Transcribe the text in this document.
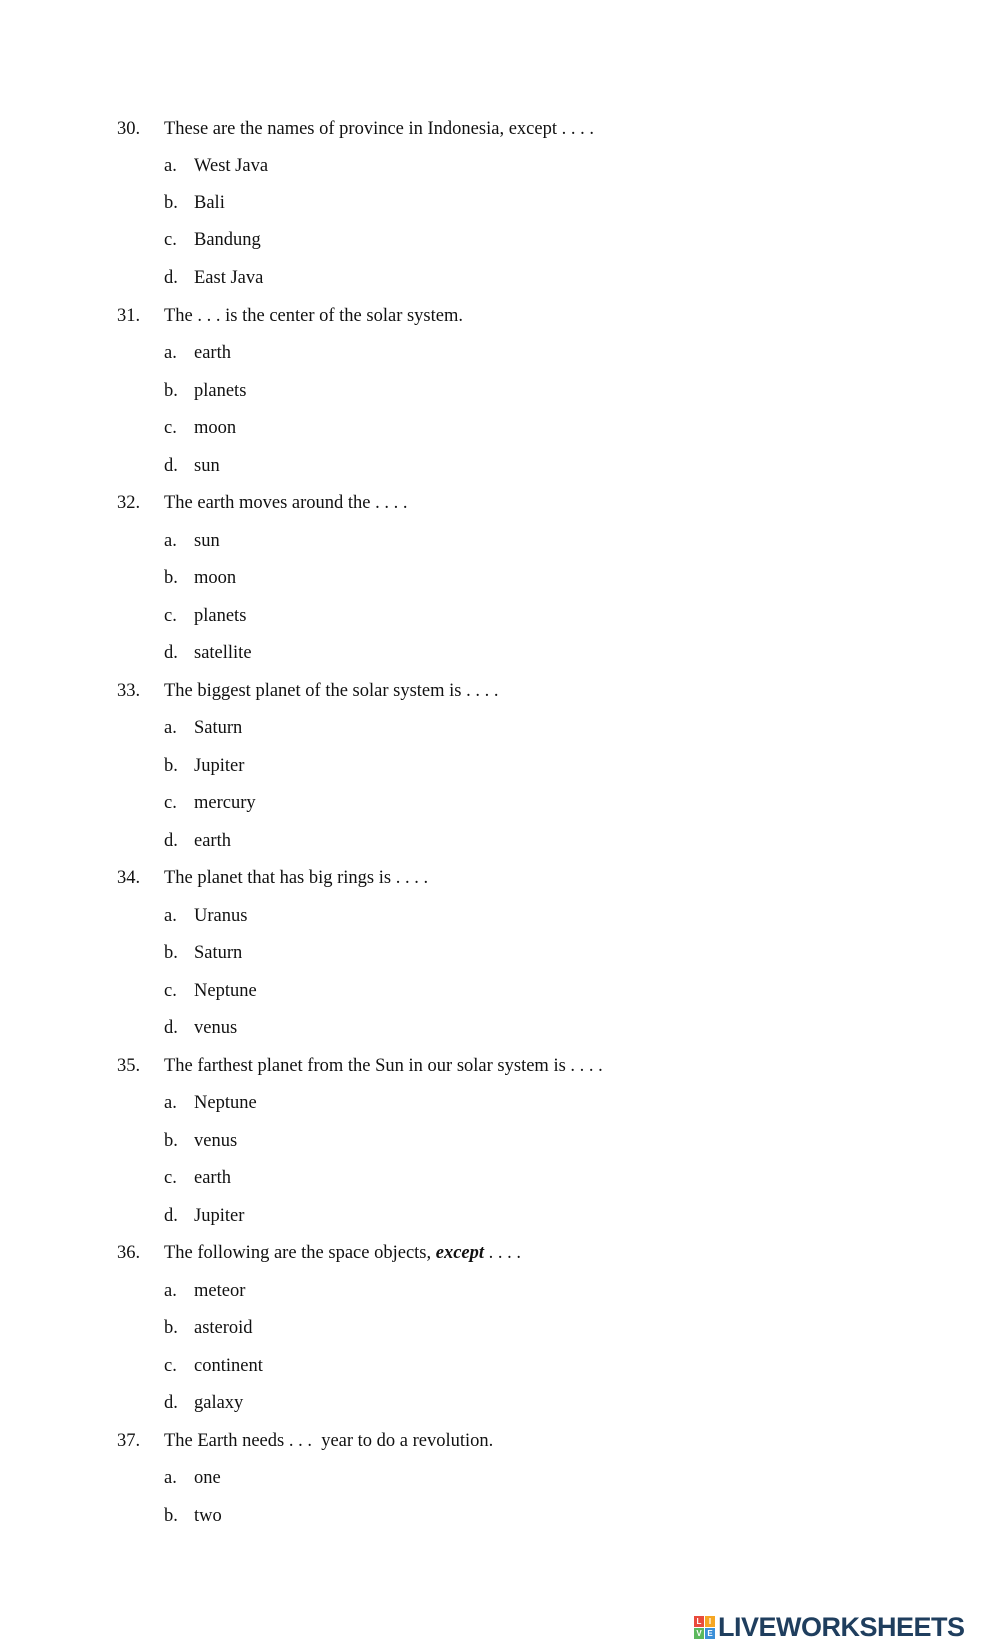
30. These are the names of province in Indonesia, except . . . .
a. West Java
b. Bali
c. Bandung
d. East Java
31. The . . . is the center of the solar system.
a. earth
b. planets
c. moon
d. sun
32. The earth moves around the . . . .
a. sun
b. moon
c. planets
d. satellite
33. The biggest planet of the solar system is . . . .
a. Saturn
b. Jupiter
c. mercury
d. earth
34. The planet that has big rings is . . . .
a. Uranus
b. Saturn
c. Neptune
d. venus
35. The farthest planet from the Sun in our solar system is . . . .
a. Neptune
b. venus
c. earth
d. Jupiter
36. The following are the space objects, except . . . .
a. meteor
b. asteroid
c. continent
d. galaxy
37. The Earth needs . . .  year to do a revolution.
a. one
b. two
L I
V E LIVEWORKSHEETS
